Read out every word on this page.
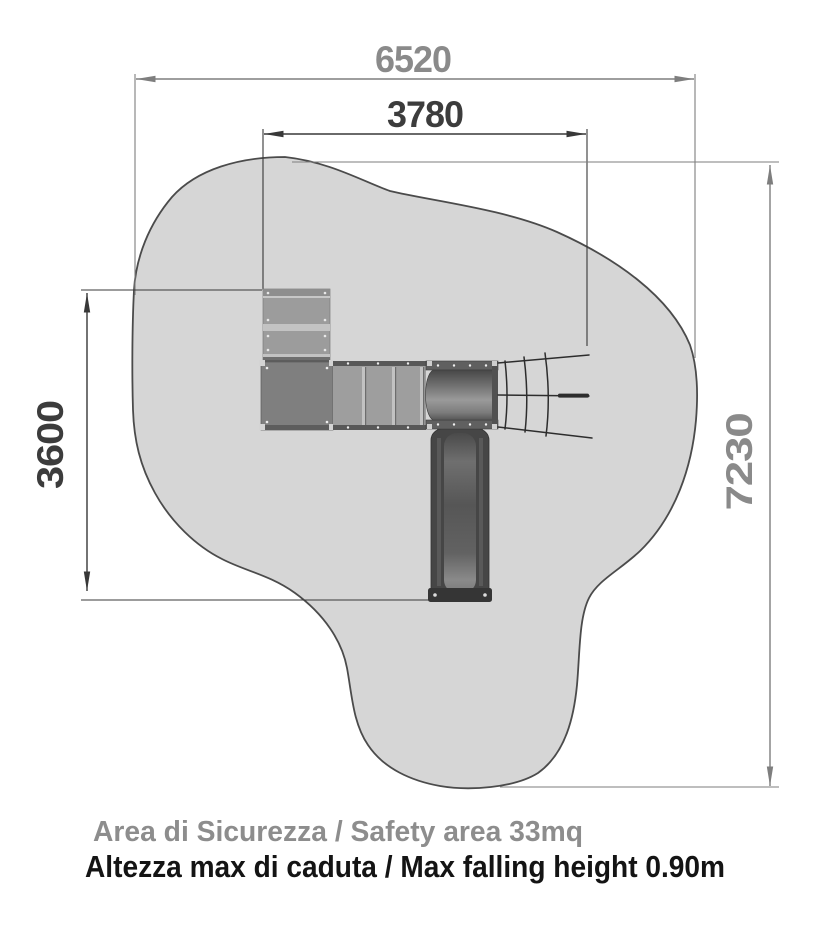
6520
3780
3600	7230
Area di Sicurezza / Safety area 33mq
Altezza max di caduta / Max falling height 0.90m
